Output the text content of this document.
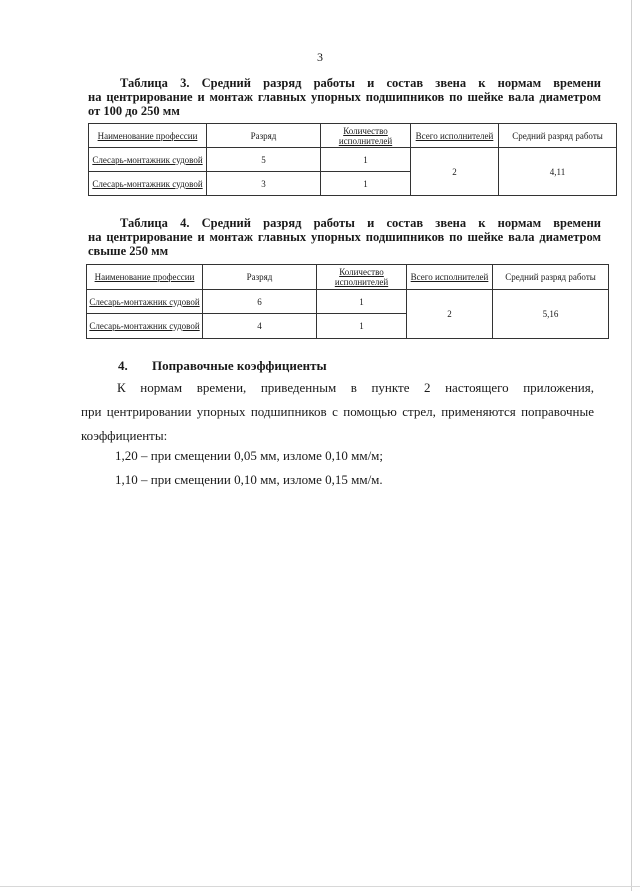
3
Таблица 3. Средний разряд работы и состав звена к нормам времени
на центрирование и монтаж главных упорных подшипников по шейке вала диаметром
от 100 до 250 мм
Наименование профессии	Разряд	Количество исполнителей	Всего исполнителей	Средний разряд работы
Слесарь-монтажник судовой	5	1	2	4,11
Слесарь-монтажник судовой	3	1		
Таблица 4. Средний разряд работы и состав звена к нормам времени
на центрирование и монтаж главных упорных подшипников по шейке вала диаметром
свыше 250 мм
Наименование профессии	Разряд	Количество исполнителей	Всего исполнителей	Средний разряд работы
Слесарь-монтажник судовой	6	1	2	5,16
Слесарь-монтажник судовой	4	1		
4. Поправочные коэффициенты
К нормам времени, приведенным в пункте 2 настоящего приложения,
при центрировании упорных подшипников с помощью стрел, применяются поправочные
коэффициенты:
1,20 – при смещении 0,05 мм, изломе 0,10 мм/м;
1,10 – при смещении 0,10 мм, изломе 0,15 мм/м.
